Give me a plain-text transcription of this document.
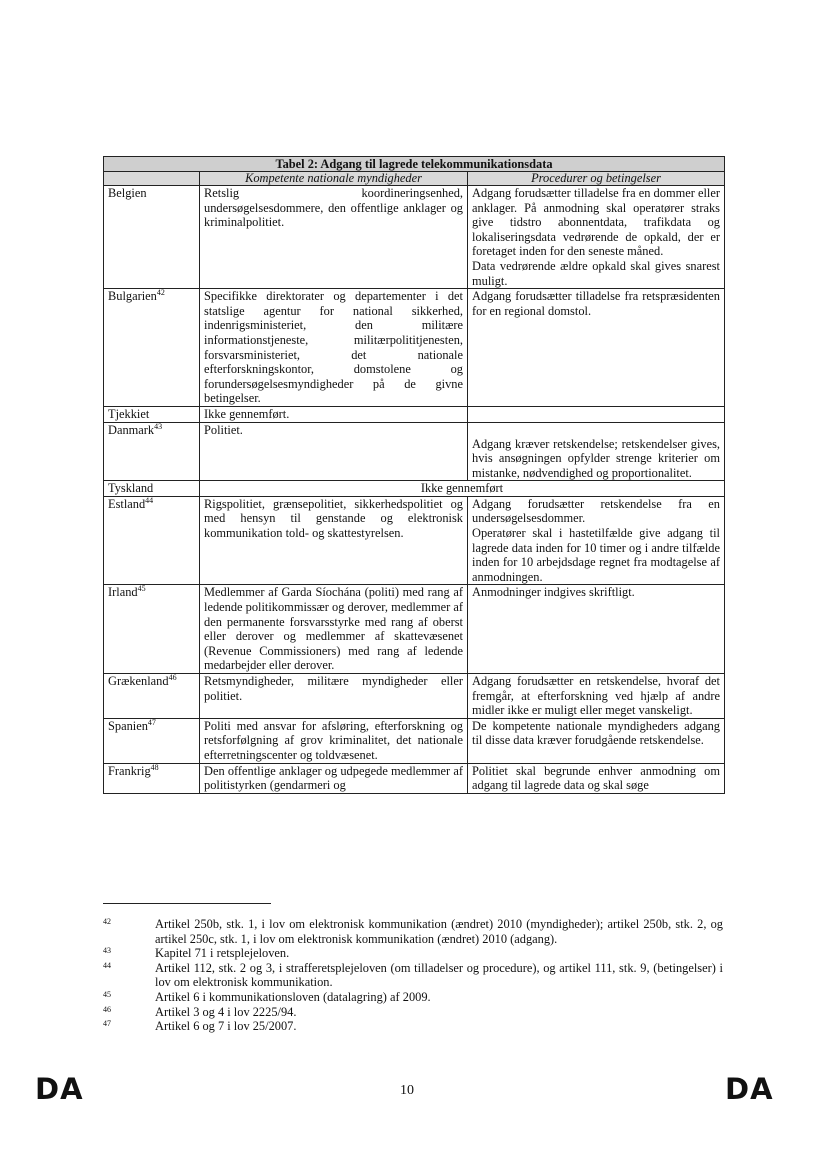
Tabel 2: Adgang til lagrede telekommunikationsdata		
	Kompetente nationale myndigheder	Procedurer og betingelser
Belgien	Retslig koordineringsenhed, undersøgelsesdommere, den offentlige anklager og kriminalpolitiet.	Adgang forudsætter tilladelse fra en dommer eller anklager. På anmodning skal operatører straks give tidstro abonnentdata, trafikdata og lokaliseringsdata vedrørende de opkald, der er foretaget inden for den seneste måned.
Data vedrørende ældre opkald skal gives snarest muligt.

Bulgarien$^{42}$	Specifikke direktorater og departementer i det statslige agentur for national sikkerhed, indenrigsministeriet, den militære informationstjeneste, militærpolititjenesten, forsvarsministeriet, det nationale efterforskningskontor, domstolene og forundersøgelsesmyndigheder på de givne betingelser.	Adgang forudsætter tilladelse fra retspræsidenten for en regional domstol.
Tjekkiet	Ikke gennemført.	
Danmark$^{43}$	Politiet.	Adgang kræver retskendelse; retskendelser gives, hvis ansøgningen opfylder strenge kriterier om mistanke, nødvendighed og proportionalitet.
Tyskland	Ikke gennemført	
Estland$^{44}$	Rigspolitiet, grænsepolitiet, sikkerhedspolitiet og med hensyn til genstande og elektronisk kommunikation told- og skattestyrelsen.	Adgang forudsætter retskendelse fra en undersøgelsesdommer.
Operatører skal i hastetilfælde give adgang til lagrede data inden for 10 timer og i andre tilfælde inden for 10 arbejdsdage regnet fra modtagelse af anmodningen.

Irland$^{45}$	Medlemmer af Garda Síochána (politi) med rang af ledende politikommissær og derover, medlemmer af den permanente forsvarsstyrke med rang af oberst eller derover og medlemmer af skattevæsenet (Revenue Commissioners) med rang af ledende medarbejder eller derover.	Anmodninger indgives skriftligt.
Grækenland$^{46}$	Retsmyndigheder, militære myndigheder eller politiet.	Adgang forudsætter en retskendelse, hvoraf det fremgår, at efterforskning ved hjælp af andre midler ikke er muligt eller meget vanskeligt.
Spanien$^{47}$	Politi med ansvar for afsløring, efterforskning og retsforfølgning af grov kriminalitet, det nationale efterretningscenter og toldvæsenet.	De kompetente nationale myndigheders adgang til disse data kræver forudgående retskendelse.
Frankrig$^{48}$	Den offentlige anklager og udpegede medlemmer af politistyrken (gendarmeri og	Politiet skal begrunde enhver anmodning om adgang til lagrede data og skal søge

42	Artikel 250b, stk. 1, i lov om elektronisk kommunikation (ændret) 2010 (myndigheder); artikel 250b, stk. 2, og artikel 250c, stk. 1, i lov om elektronisk kommunikation (ændret) 2010 (adgang).

43	Kapitel 71 i retsplejeloven.

44	Artikel 112, stk. 2 og 3, i strafferetsplejeloven (om tilladelser og procedure), og artikel 111, stk. 9, (betingelser) i lov om elektronisk kommunikation.

45	Artikel 6 i kommunikationsloven (datalagring) af 2009.

46	Artikel 3 og 4 i lov 2225/94.

47	Artikel 6 og 7 i lov 25/2007.

DA	10	DA
